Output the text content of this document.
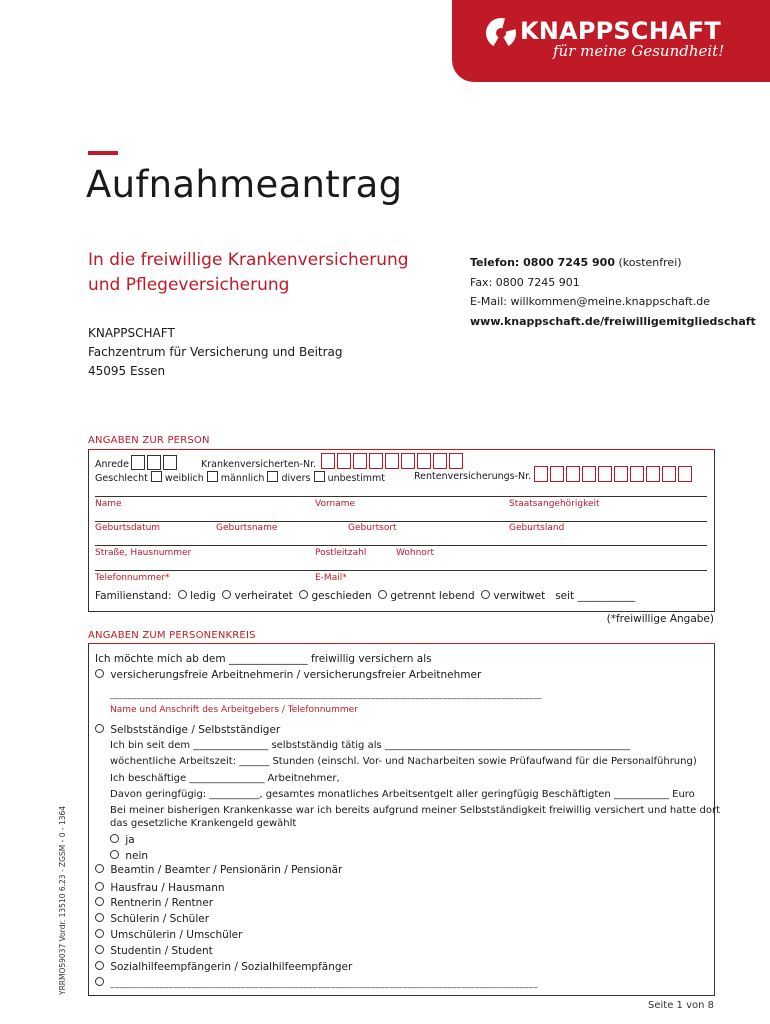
KNAPPSCHAFT
für meine Gesundheit!
Aufnahmeantrag
In die freiwillige Krankenversicherung
und Pflegeversicherung
Telefon: 0800 7245 900 (kostenfrei)
Fax: 0800 7245 901
E-Mail: willkommen@meine.knappschaft.de
www.knappschaft.de/freiwilligemitgliedschaft
KNAPPSCHAFT
Fachzentrum für Versicherung und Beitrag
45095 Essen
ANGABEN ZUR PERSON
Anrede	Krankenversicherten-Nr.
Geschlecht weiblich männlich divers unbestimmt	Rentenversicherungs-Nr.
Name	Vorname	Staatsangehörigkeit
Geburtsdatum	Geburtsname	Geburtsort	Geburtsland
Straße, Hausnummer	Postleitzahl	Wohnort
Telefonnummer*	E-Mail*
Familienstand: ledig verheiratet geschieden getrennt lebend verwitwet seit ___________
(*freiwillige Angabe)
ANGABEN ZUM PERSONENKREIS
Ich möchte mich ab dem _______________ freiwillig versichern als
versicherungsfreie Arbeitnehmerin / versicherungsfreier Arbeitnehmer
________________________________________________________________________________________________
Name und Anschrift des Arbeitgebers / Telefonnummer
Selbstständige / Selbstständiger
Ich bin seit dem _______________ selbstständig tätig als _________________________________________________
wöchentliche Arbeitszeit: ______ Stunden (einschl. Vor- und Nacharbeiten sowie Prüfaufwand für die Personalführung)
Ich beschäftige _______________ Arbeitnehmer,
Davon geringfügig: __________, gesamtes monatliches Arbeitsentgelt aller geringfügig Beschäftigten ___________ Euro
Bei meiner bisherigen Krankenkasse war ich bereits aufgrund meiner Selbstständigkeit freiwillig versichert und hatte dort
das gesetzliche Krankengeld gewählt
ja
nein
Beamtin / Beamter / Pensionärin / Pensionär
Hausfrau / Hausmann
Rentnerin / Rentner
Schülerin / Schüler
Umschülerin / Umschüler
Studentin / Student
Sozialhilfeempfängerin / Sozialhilfeempfänger
_______________________________________________________________________________________________
YRRMO59037 Vordr. 13510 6.23 - ZGSM - 0 - 1364
Seite 1 von 8
